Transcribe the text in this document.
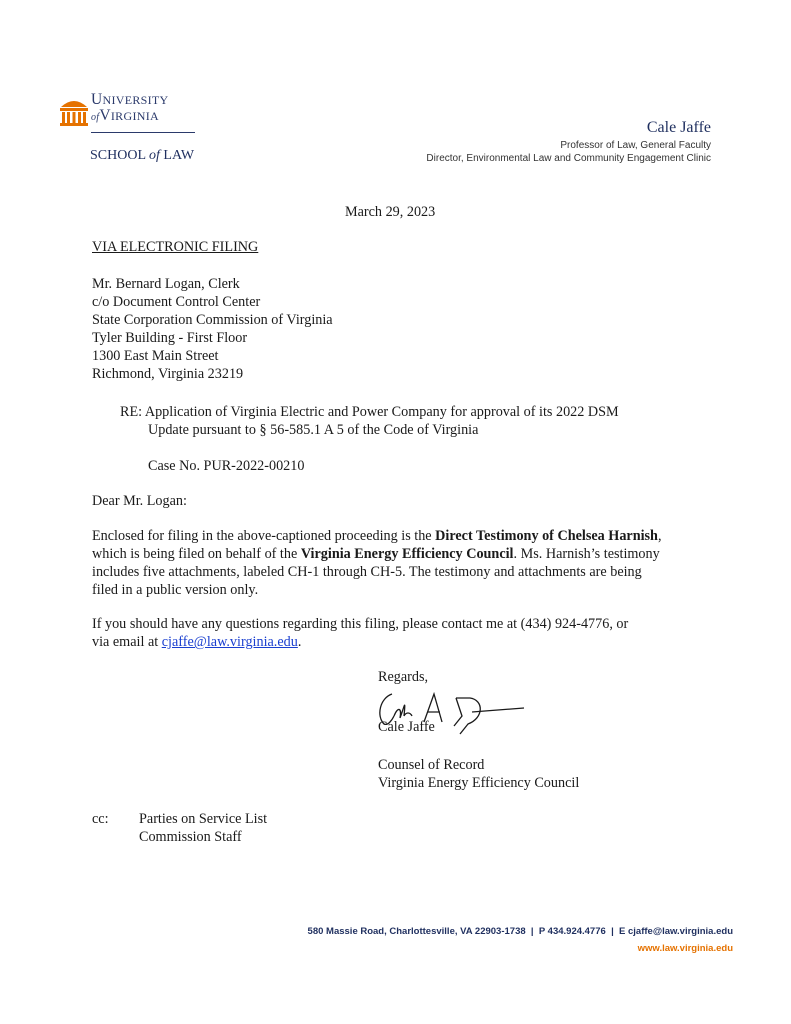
UNIVERSITY
ofVIRGINIA
SCHOOL of LAW
Cale Jaffe
Professor of Law, General Faculty
Director, Environmental Law and Community Engagement Clinic
March 29, 2023
VIA ELECTRONIC FILING
Mr. Bernard Logan, Clerk
c/o Document Control Center
State Corporation Commission of Virginia
Tyler Building - First Floor
1300 East Main Street
Richmond, Virginia 23219
RE: Application of Virginia Electric and Power Company for approval of its 2022 DSM
Update pursuant to § 56-585.1 A 5 of the Code of Virginia
Case No. PUR-2022-00210
Dear Mr. Logan:
Enclosed for filing in the above-captioned proceeding is the Direct Testimony of Chelsea Harnish,
which is being filed on behalf of the Virginia Energy Efficiency Council. Ms. Harnish’s testimony
includes five attachments, labeled CH-1 through CH-5. The testimony and attachments are being
filed in a public version only.
If you should have any questions regarding this filing, please contact me at (434) 924-4776, or
via email at cjaffe@law.virginia.edu.
Regards,
Cale Jaffe
Counsel of Record
Virginia Energy Efficiency Council
cc: Parties on Service List
Commission Staff
580 Massie Road, Charlottesville, VA 22903-1738  |  P 434.924.4776  |  E cjaffe@law.virginia.edu
www.law.virginia.edu
